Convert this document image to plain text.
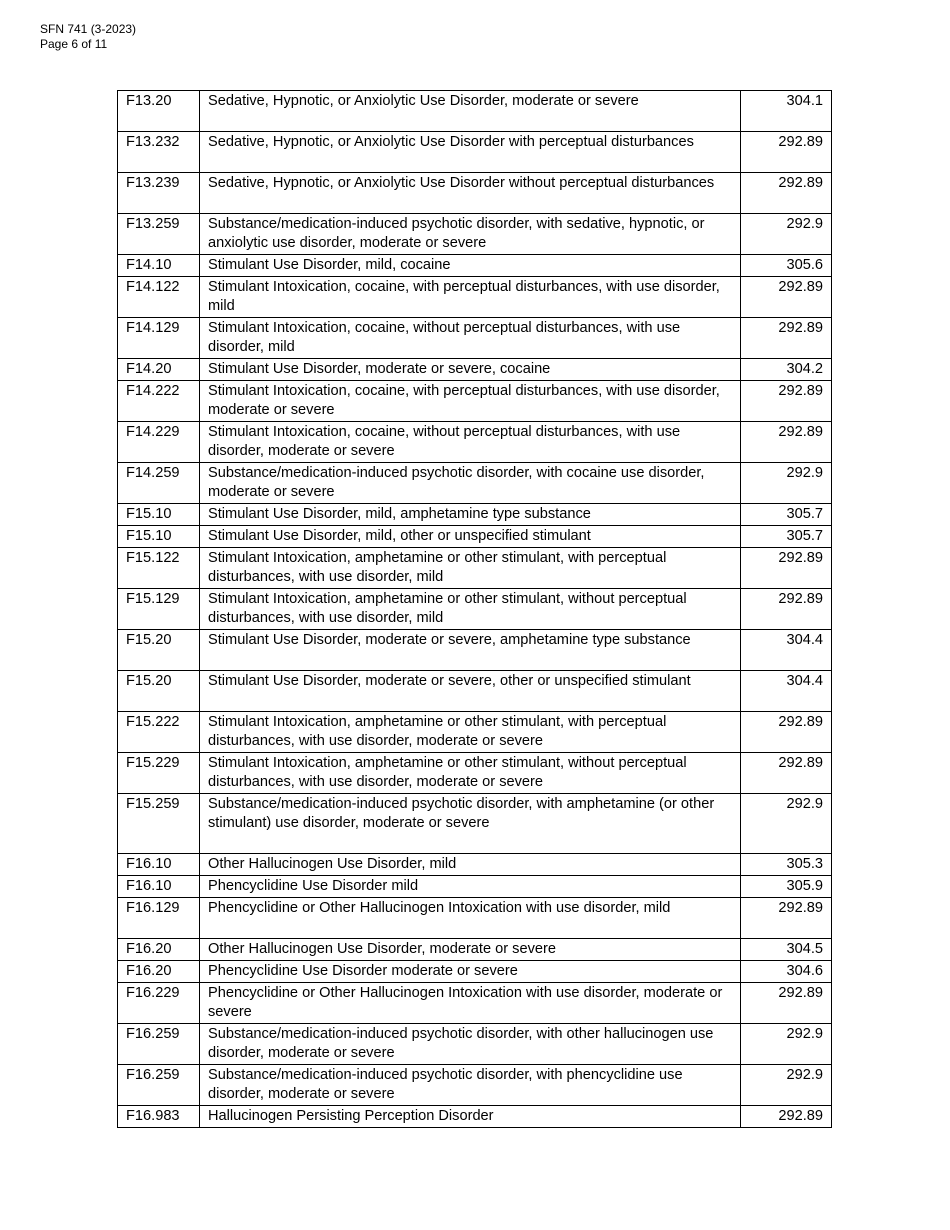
SFN 741 (3-2023)
Page 6 of 11
F13.20	Sedative, Hypnotic, or Anxiolytic Use Disorder, moderate or severe	304.1
F13.232	Sedative, Hypnotic, or Anxiolytic Use Disorder with perceptual disturbances	292.89
F13.239	Sedative, Hypnotic, or Anxiolytic Use Disorder without perceptual disturbances	292.89
F13.259	Substance/medication-induced psychotic disorder, with sedative, hypnotic, or anxiolytic use disorder, moderate or severe	292.9
F14.10	Stimulant Use Disorder, mild, cocaine	305.6
F14.122	Stimulant Intoxication, cocaine, with perceptual disturbances, with use disorder, mild	292.89
F14.129	Stimulant Intoxication, cocaine, without perceptual disturbances, with use disorder, mild	292.89
F14.20	Stimulant Use Disorder, moderate or severe, cocaine	304.2
F14.222	Stimulant Intoxication, cocaine, with perceptual disturbances, with use disorder, moderate or severe	292.89
F14.229	Stimulant Intoxication, cocaine, without perceptual disturbances, with use disorder, moderate or severe	292.89
F14.259	Substance/medication-induced psychotic disorder, with cocaine use disorder, moderate or severe	292.9
F15.10	Stimulant Use Disorder, mild, amphetamine type substance	305.7
F15.10	Stimulant Use Disorder, mild, other or unspecified stimulant	305.7
F15.122	Stimulant Intoxication, amphetamine or other stimulant, with perceptual disturbances, with use disorder, mild	292.89
F15.129	Stimulant Intoxication, amphetamine or other stimulant, without perceptual disturbances, with use disorder, mild	292.89
F15.20	Stimulant Use Disorder, moderate or severe, amphetamine type substance	304.4
F15.20	Stimulant Use Disorder, moderate or severe, other or unspecified stimulant	304.4
F15.222	Stimulant Intoxication, amphetamine or other stimulant, with perceptual disturbances, with use disorder, moderate or severe	292.89
F15.229	Stimulant Intoxication, amphetamine or other stimulant, without perceptual disturbances, with use disorder, moderate or severe	292.89
F15.259	Substance/medication-induced psychotic disorder, with amphetamine (or other stimulant) use disorder, moderate or severe	292.9
F16.10	Other Hallucinogen Use Disorder, mild	305.3
F16.10	Phencyclidine Use Disorder mild	305.9
F16.129	Phencyclidine or Other Hallucinogen Intoxication with use disorder, mild	292.89
F16.20	Other Hallucinogen Use Disorder, moderate or severe	304.5
F16.20	Phencyclidine Use Disorder moderate or severe	304.6
F16.229	Phencyclidine or Other Hallucinogen Intoxication with use disorder, moderate or severe	292.89
F16.259	Substance/medication-induced psychotic disorder, with other hallucinogen use disorder, moderate or severe	292.9
F16.259	Substance/medication-induced psychotic disorder, with phencyclidine use disorder, moderate or severe	292.9
F16.983	Hallucinogen Persisting Perception Disorder	292.89
